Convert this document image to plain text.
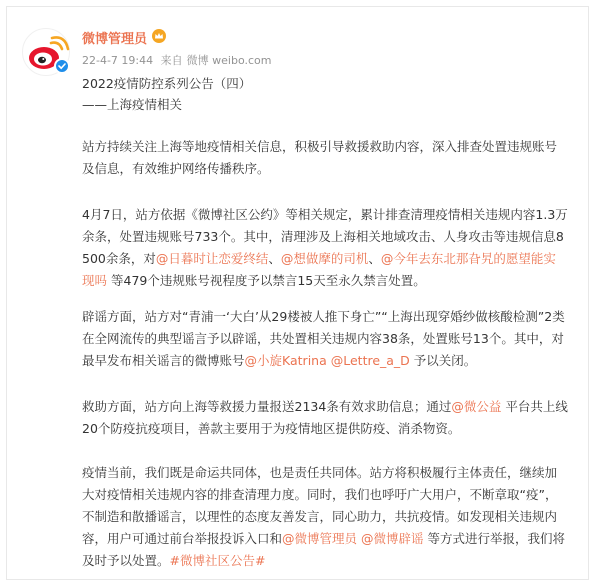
微博管理员
22-4-7 19:44 来自 微博 weibo.com
2022疫情防控系列公告（四）
——上海疫情相关
站方持续关注上海等地疫情相关信息，积极引导救援救助内容，深入排查处置违规账号及信息，有效维护网络传播秩序。
4月7日，站方依据《微博社区公约》等相关规定，累计排查清理疫情相关违规内容1.3万余条，处置违规账号733个。其中，清理涉及上海相关地域攻击、人身攻击等违规信息8500余条，对@日暮时让恋爱终结、@想做摩的司机、@今年去东北那旮旯的愿望能实现吗 等479个违规账号视程度予以禁言15天至永久禁言处置。
辟谣方面，站方对“青浦一‘大白’从29楼被人推下身亡”“上海出现穿婚纱做核酸检测”2类在全网流传的典型谣言予以辟谣，共处置相关违规内容38条，处置账号13个。其中，对最早发布相关谣言的微博账号@小旋Katrina @Lettre_a_D 予以关闭。
救助方面，站方向上海等救援力量报送2134条有效求助信息；通过@微公益 平台共上线20个防疫抗疫项目，善款主要用于为疫情地区提供防疫、消杀物资。
疫情当前，我们既是命运共同体，也是责任共同体。站方将积极履行主体责任，继续加大对疫情相关违规内容的排查清理力度。同时，我们也呼吁广大用户，不断章取“疫”，不制造和散播谣言，以理性的态度友善发言，同心助力，共抗疫情。如发现相关违规内容，用户可通过前台举报投诉入口和@微博管理员 @微博辟谣 等方式进行举报，我们将及时予以处置。#微博社区公告#
